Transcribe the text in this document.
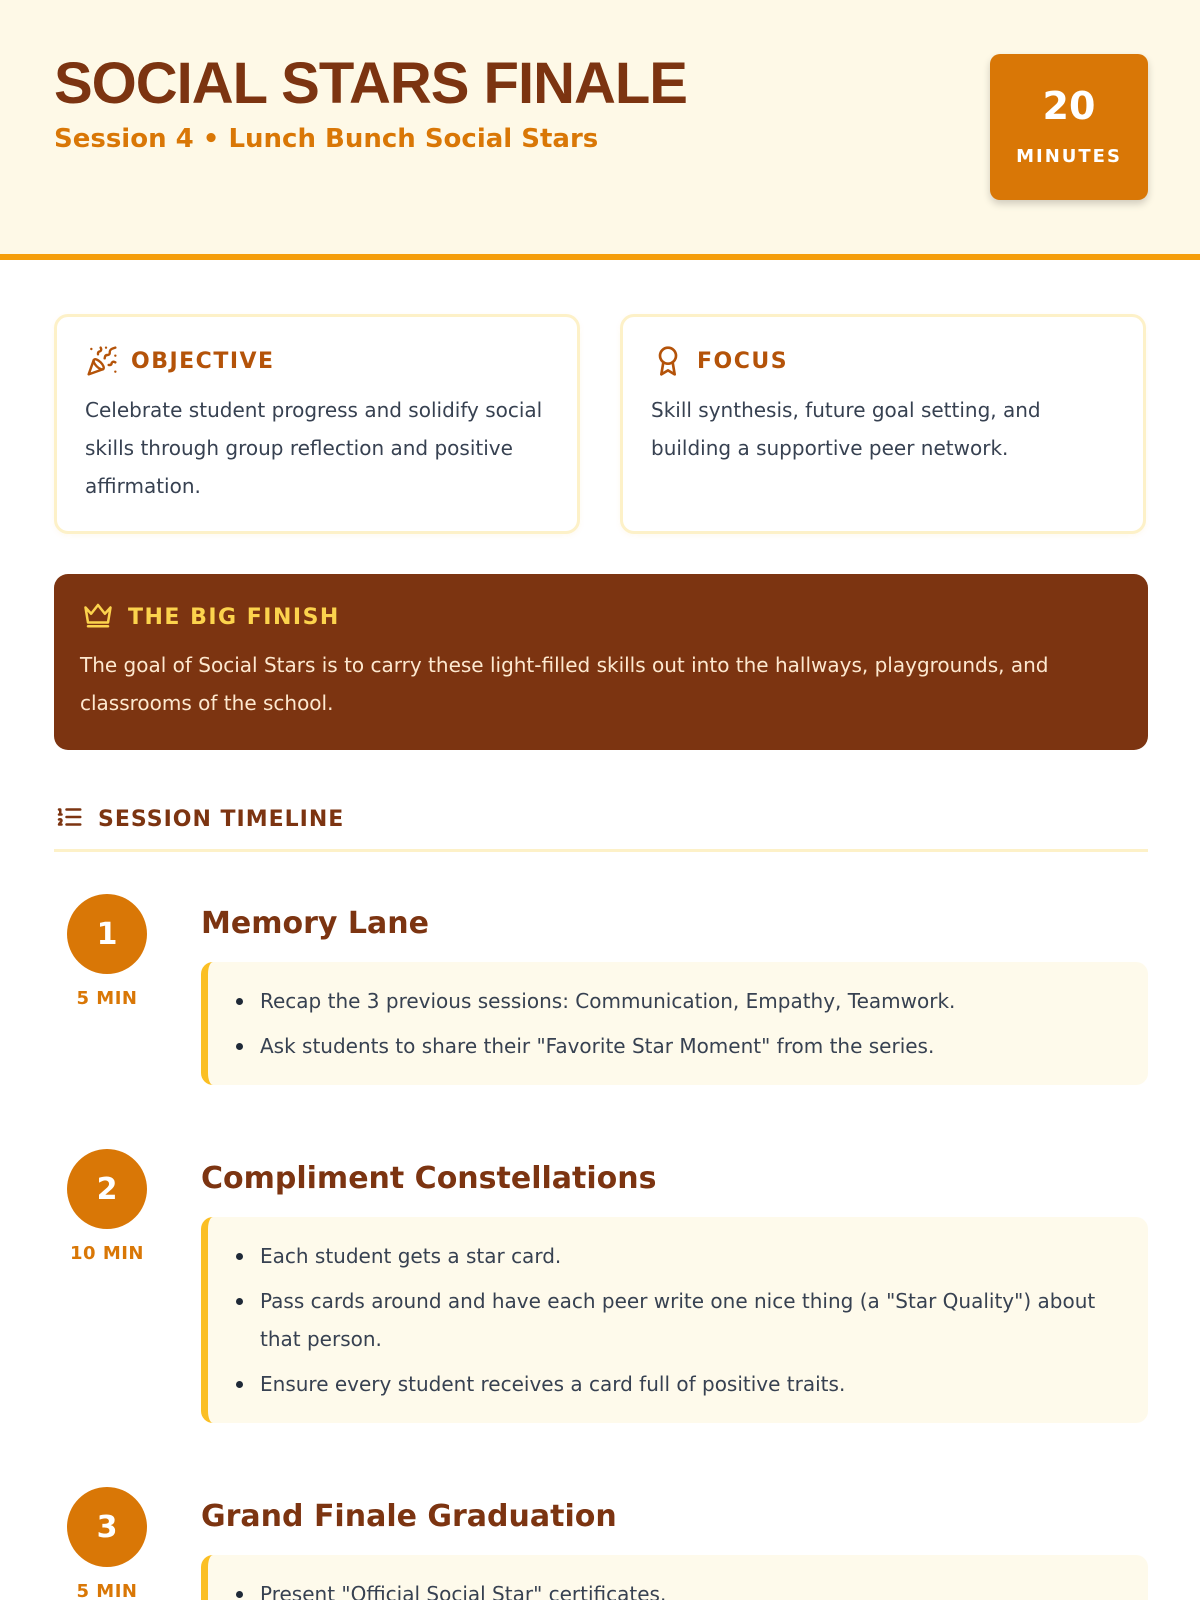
SOCIAL STARS FINALE
Session 4 • Lunch Bunch Social Stars
20
MINUTES
OBJECTIVE
Celebrate student progress and solidify social skills through group reflection and positive affirmation.
FOCUS
Skill synthesis, future goal setting, and building a supportive peer network.
THE BIG FINISH
The goal of Social Stars is to carry these light-filled skills out into the hallways, playgrounds, and classrooms of the school.
SESSION TIMELINE
1
5 MIN
Memory Lane
Recap the 3 previous sessions: Communication, Empathy, Teamwork.
Ask students to share their "Favorite Star Moment" from the series.
2
10 MIN
Compliment Constellations
Each student gets a star card.
Pass cards around and have each peer write one nice thing (a "Star Quality") about that person.
Ensure every student receives a card full of positive traits.
3
5 MIN
Grand Finale Graduation
Present "Official Social Star" certificates.
